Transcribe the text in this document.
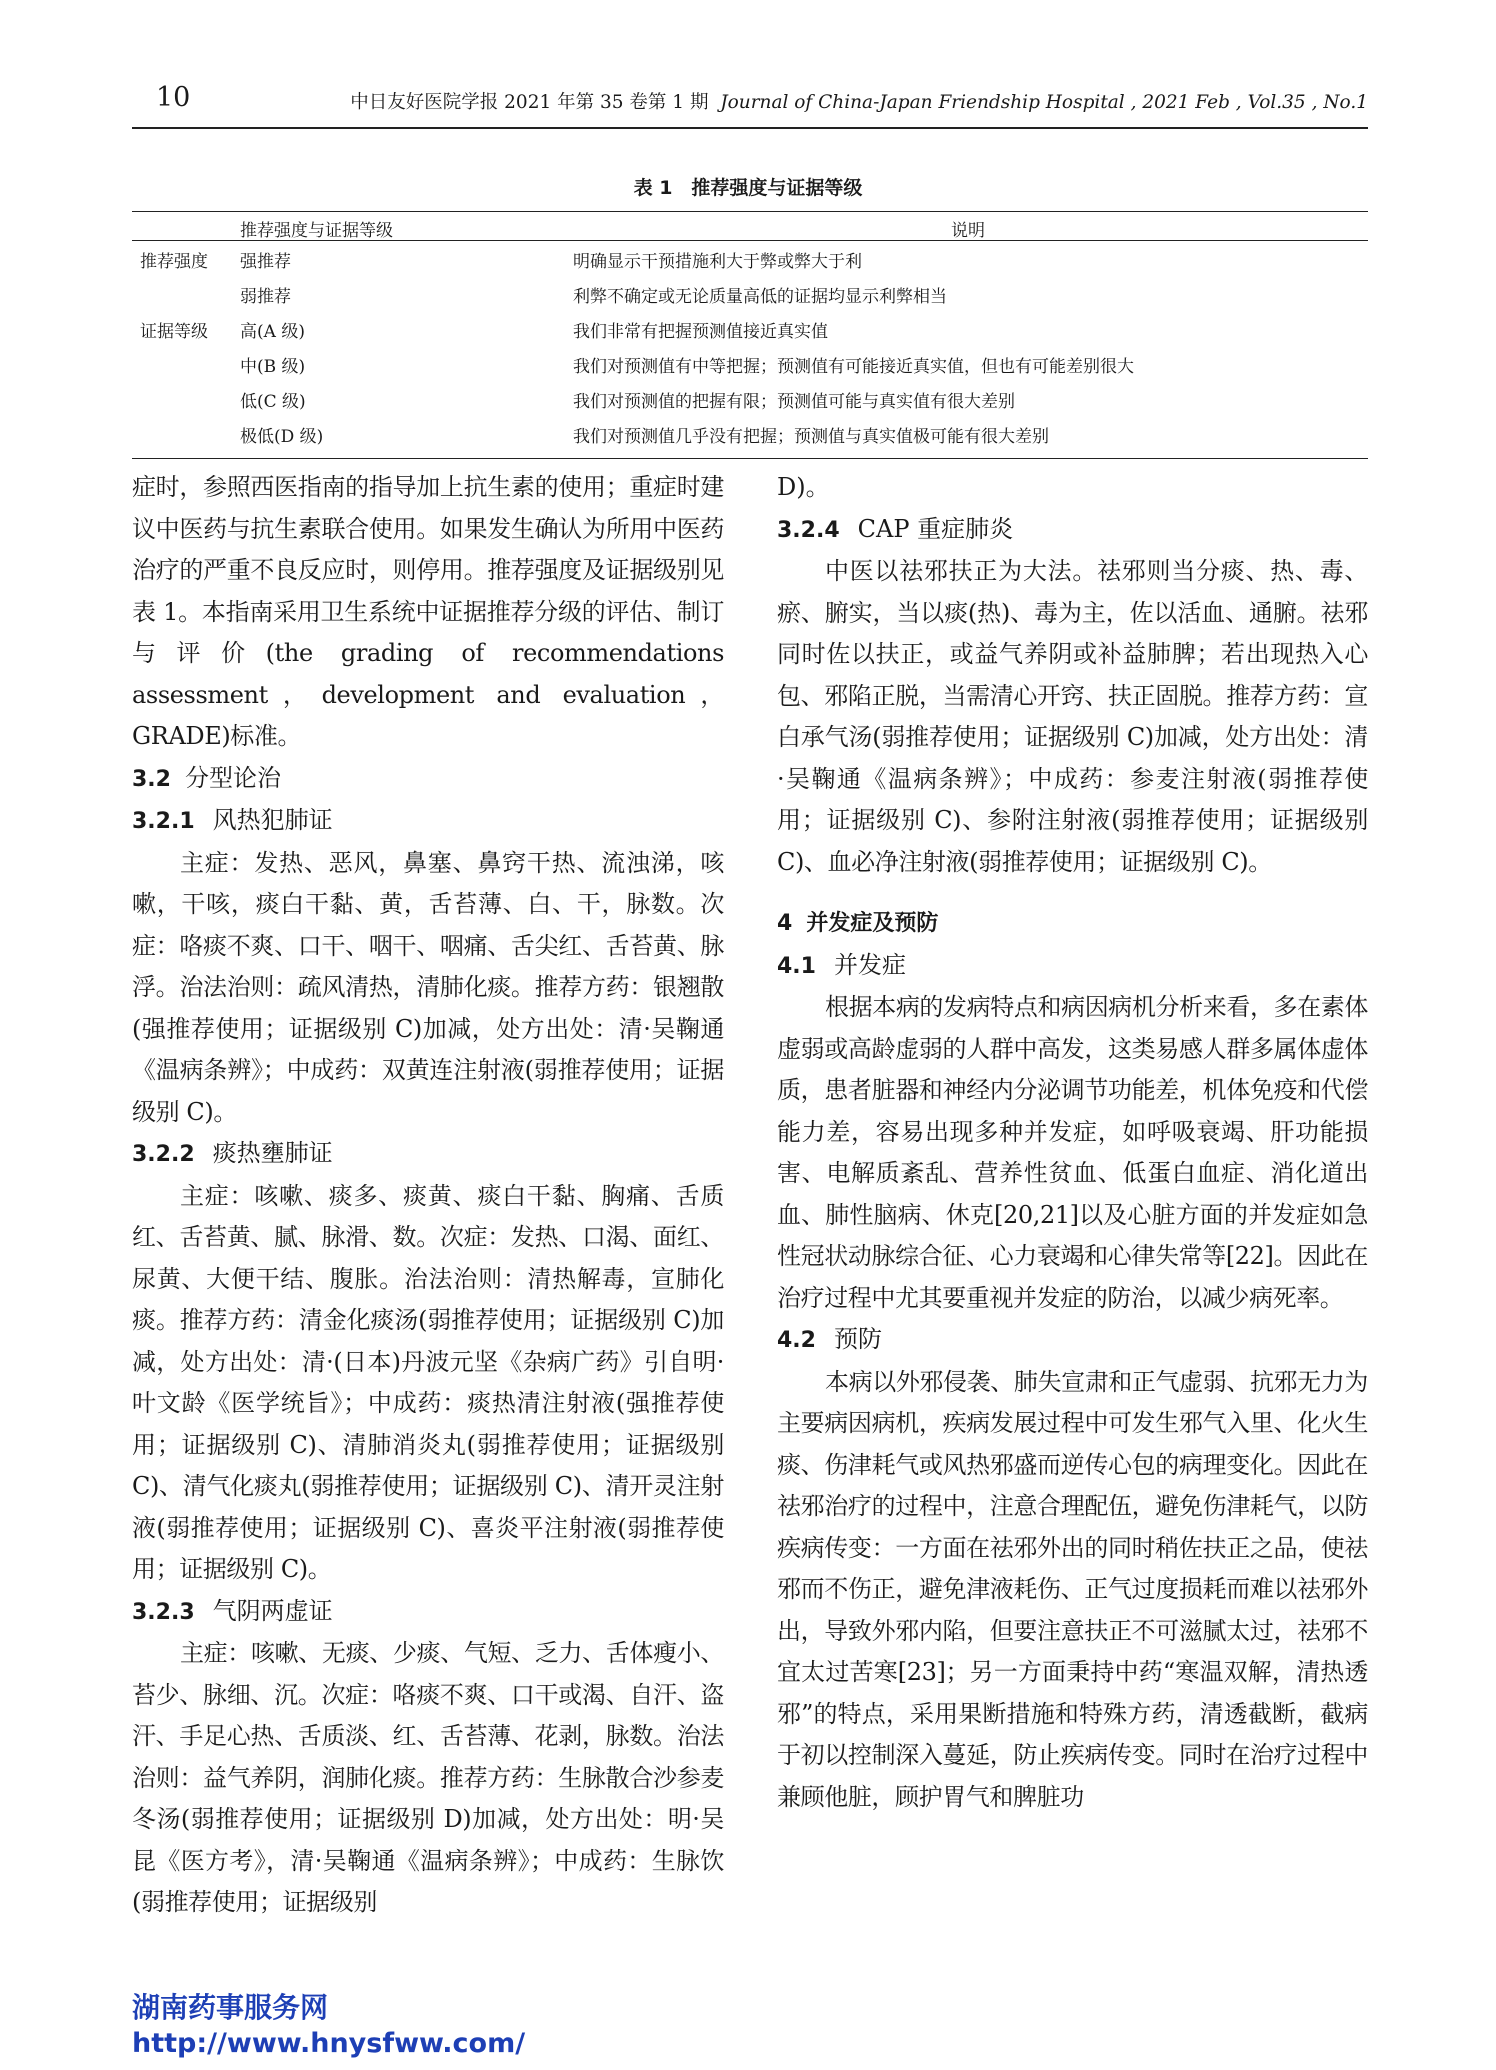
10	中日友好医院学报 2021 年第 35 卷第 1 期 Journal of China-Japan Friendship Hospital , 2021 Feb , Vol.35 , No.1
表 1　推荐强度与证据等级
推荐强度与证据等级	说明
推荐强度 强推荐	明确显示干预措施利大于弊或弊大于利
弱推荐	利弊不确定或无论质量高低的证据均显示利弊相当
证据等级 高(A 级)	我们非常有把握预测值接近真实值
中(B 级)	我们对预测值有中等把握；预测值有可能接近真实值，但也有可能差别很大
低(C 级)	我们对预测值的把握有限；预测值可能与真实值有很大差别
极低(D 级)	我们对预测值几乎没有把握；预测值与真实值极可能有很大差别

症时，参照西医指南的指导加上抗生素的使用；重症时建议中医药与抗生素联合使用。如果发生确认为所用中医药治疗的严重不良反应时，则停用。推荐强度及证据级别见表 1。本指南采用卫生系统中证据推荐分级的评估、制订与评价(the grading of recommendations assessment，development and evaluation，GRADE)标准。

3.2 分型论治
3.2.1 风热犯肺证

主症：发热、恶风，鼻塞、鼻窍干热、流浊涕，咳嗽，干咳，痰白干黏、黄，舌苔薄、白、干，脉数。次症：咯痰不爽、口干、咽干、咽痛、舌尖红、舌苔黄、脉浮。治法治则：疏风清热，清肺化痰。推荐方药：银翘散(强推荐使用；证据级别 C)加减，处方出处：清·吴鞠通《温病条辨》；中成药：双黄连注射液(弱推荐使用；证据级别 C)。

3.2.2 痰热壅肺证

主症：咳嗽、痰多、痰黄、痰白干黏、胸痛、舌质红、舌苔黄、腻、脉滑、数。次症：发热、口渴、面红、尿黄、大便干结、腹胀。治法治则：清热解毒，宣肺化痰。推荐方药：清金化痰汤(弱推荐使用；证据级别 C)加减，处方出处：清·(日本)丹波元坚《杂病广药》引自明·叶文龄《医学统旨》；中成药：痰热清注射液(强推荐使用；证据级别 C)、清肺消炎丸(弱推荐使用；证据级别 C)、清气化痰丸(弱推荐使用；证据级别 C)、清开灵注射液(弱推荐使用；证据级别 C)、喜炎平注射液(弱推荐使用；证据级别 C)。

3.2.3 气阴两虚证

主症：咳嗽、无痰、少痰、气短、乏力、舌体瘦小、苔少、脉细、沉。次症：咯痰不爽、口干或渴、自汗、盗汗、手足心热、舌质淡、红、舌苔薄、花剥，脉数。治法治则：益气养阴，润肺化痰。推荐方药：生脉散合沙参麦冬汤(弱推荐使用；证据级别 D)加减，处方出处：明·吴昆《医方考》，清·吴鞠通《温病条辨》；中成药：生脉饮(弱推荐使用；证据级别

D)。

3.2.4 CAP 重症肺炎

中医以祛邪扶正为大法。祛邪则当分痰、热、毒、瘀、腑实，当以痰(热)、毒为主，佐以活血、通腑。祛邪同时佐以扶正，或益气养阴或补益肺脾；若出现热入心包、邪陷正脱，当需清心开窍、扶正固脱。推荐方药：宣白承气汤(弱推荐使用；证据级别 C)加减，处方出处：清·吴鞠通《温病条辨》；中成药：参麦注射液(弱推荐使用；证据级别 C)、参附注射液(弱推荐使用；证据级别 C)、血必净注射液(弱推荐使用；证据级别 C)。

4 并发症及预防
4.1 并发症

根据本病的发病特点和病因病机分析来看，多在素体虚弱或高龄虚弱的人群中高发，这类易感人群多属体虚体质，患者脏器和神经内分泌调节功能差，机体免疫和代偿能力差，容易出现多种并发症，如呼吸衰竭、肝功能损害、电解质紊乱、营养性贫血、低蛋白血症、消化道出血、肺性脑病、休克[20,21]以及心脏方面的并发症如急性冠状动脉综合征、心力衰竭和心律失常等[22]。因此在治疗过程中尤其要重视并发症的防治，以减少病死率。

4.2 预防

本病以外邪侵袭、肺失宣肃和正气虚弱、抗邪无力为主要病因病机，疾病发展过程中可发生邪气入里、化火生痰、伤津耗气或风热邪盛而逆传心包的病理变化。因此在祛邪治疗的过程中，注意合理配伍，避免伤津耗气，以防疾病传变：一方面在祛邪外出的同时稍佐扶正之品，使祛邪而不伤正，避免津液耗伤、正气过度损耗而难以祛邪外出，导致外邪内陷，但要注意扶正不可滋腻太过，祛邪不宜太过苦寒[23]；另一方面秉持中药“寒温双解，清热透邪”的特点，采用果断措施和特殊方药，清透截断，截病于初以控制深入蔓延，防止疾病传变。同时在治疗过程中兼顾他脏，顾护胃气和脾脏功

湖南药事服务网
http://www.hnysfww.com/
